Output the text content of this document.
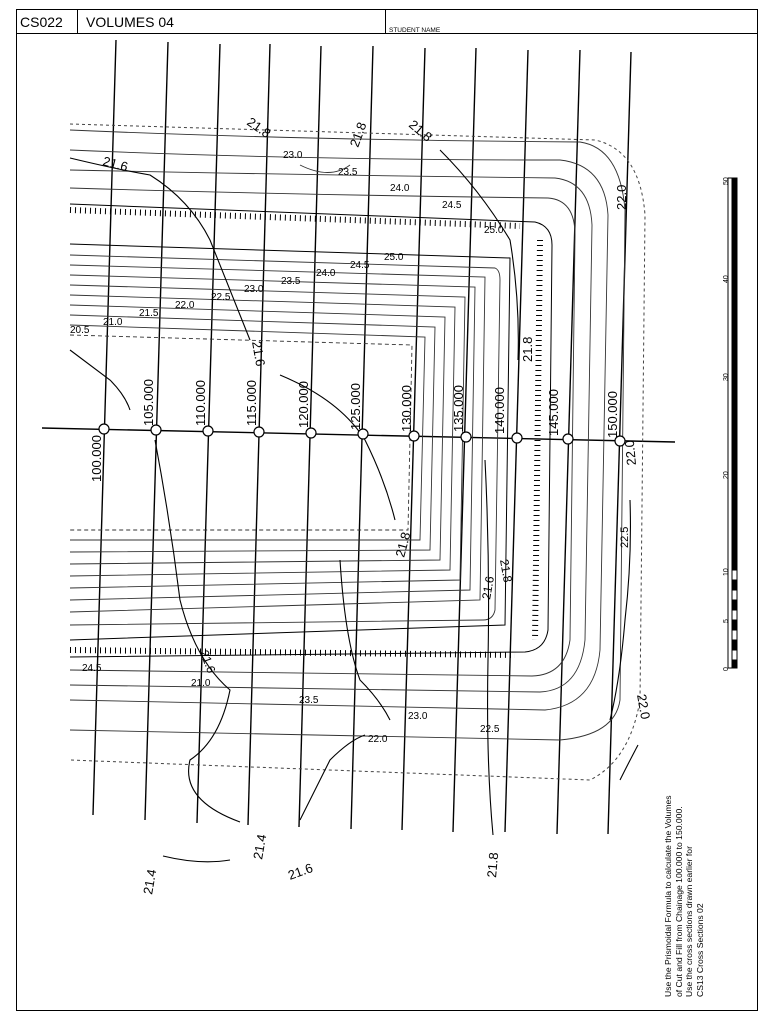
CS022	VOLUMES 04
STUDENT NAME
100.000
105.000	110.000	115.000	120.000	125.000	130.000	135.000 140.000	145.000	150.000
21.8	21.8	21.8
21.6	23.0
23.5
24.0
24.5
25.0
25.0
24.5
24.0
23.5
23.0
22.5
22.0
21.5
21.0
20.5
21.8
21.6
21.8
21.8
21.6
22.0
22.5
22.0
24.5
21.0
23.5
23.0
22.0
22.5
21.6
21.4
21.4	21.6	21.8
22.0
50
40
30
20
10
5
0
Use the Prismoidal Formula to calculate the Volumes of Cut and Fill from Chainage 100.000 to 150.000. Use the cross sections drawn earlier for CS13 Cross Sections 02
